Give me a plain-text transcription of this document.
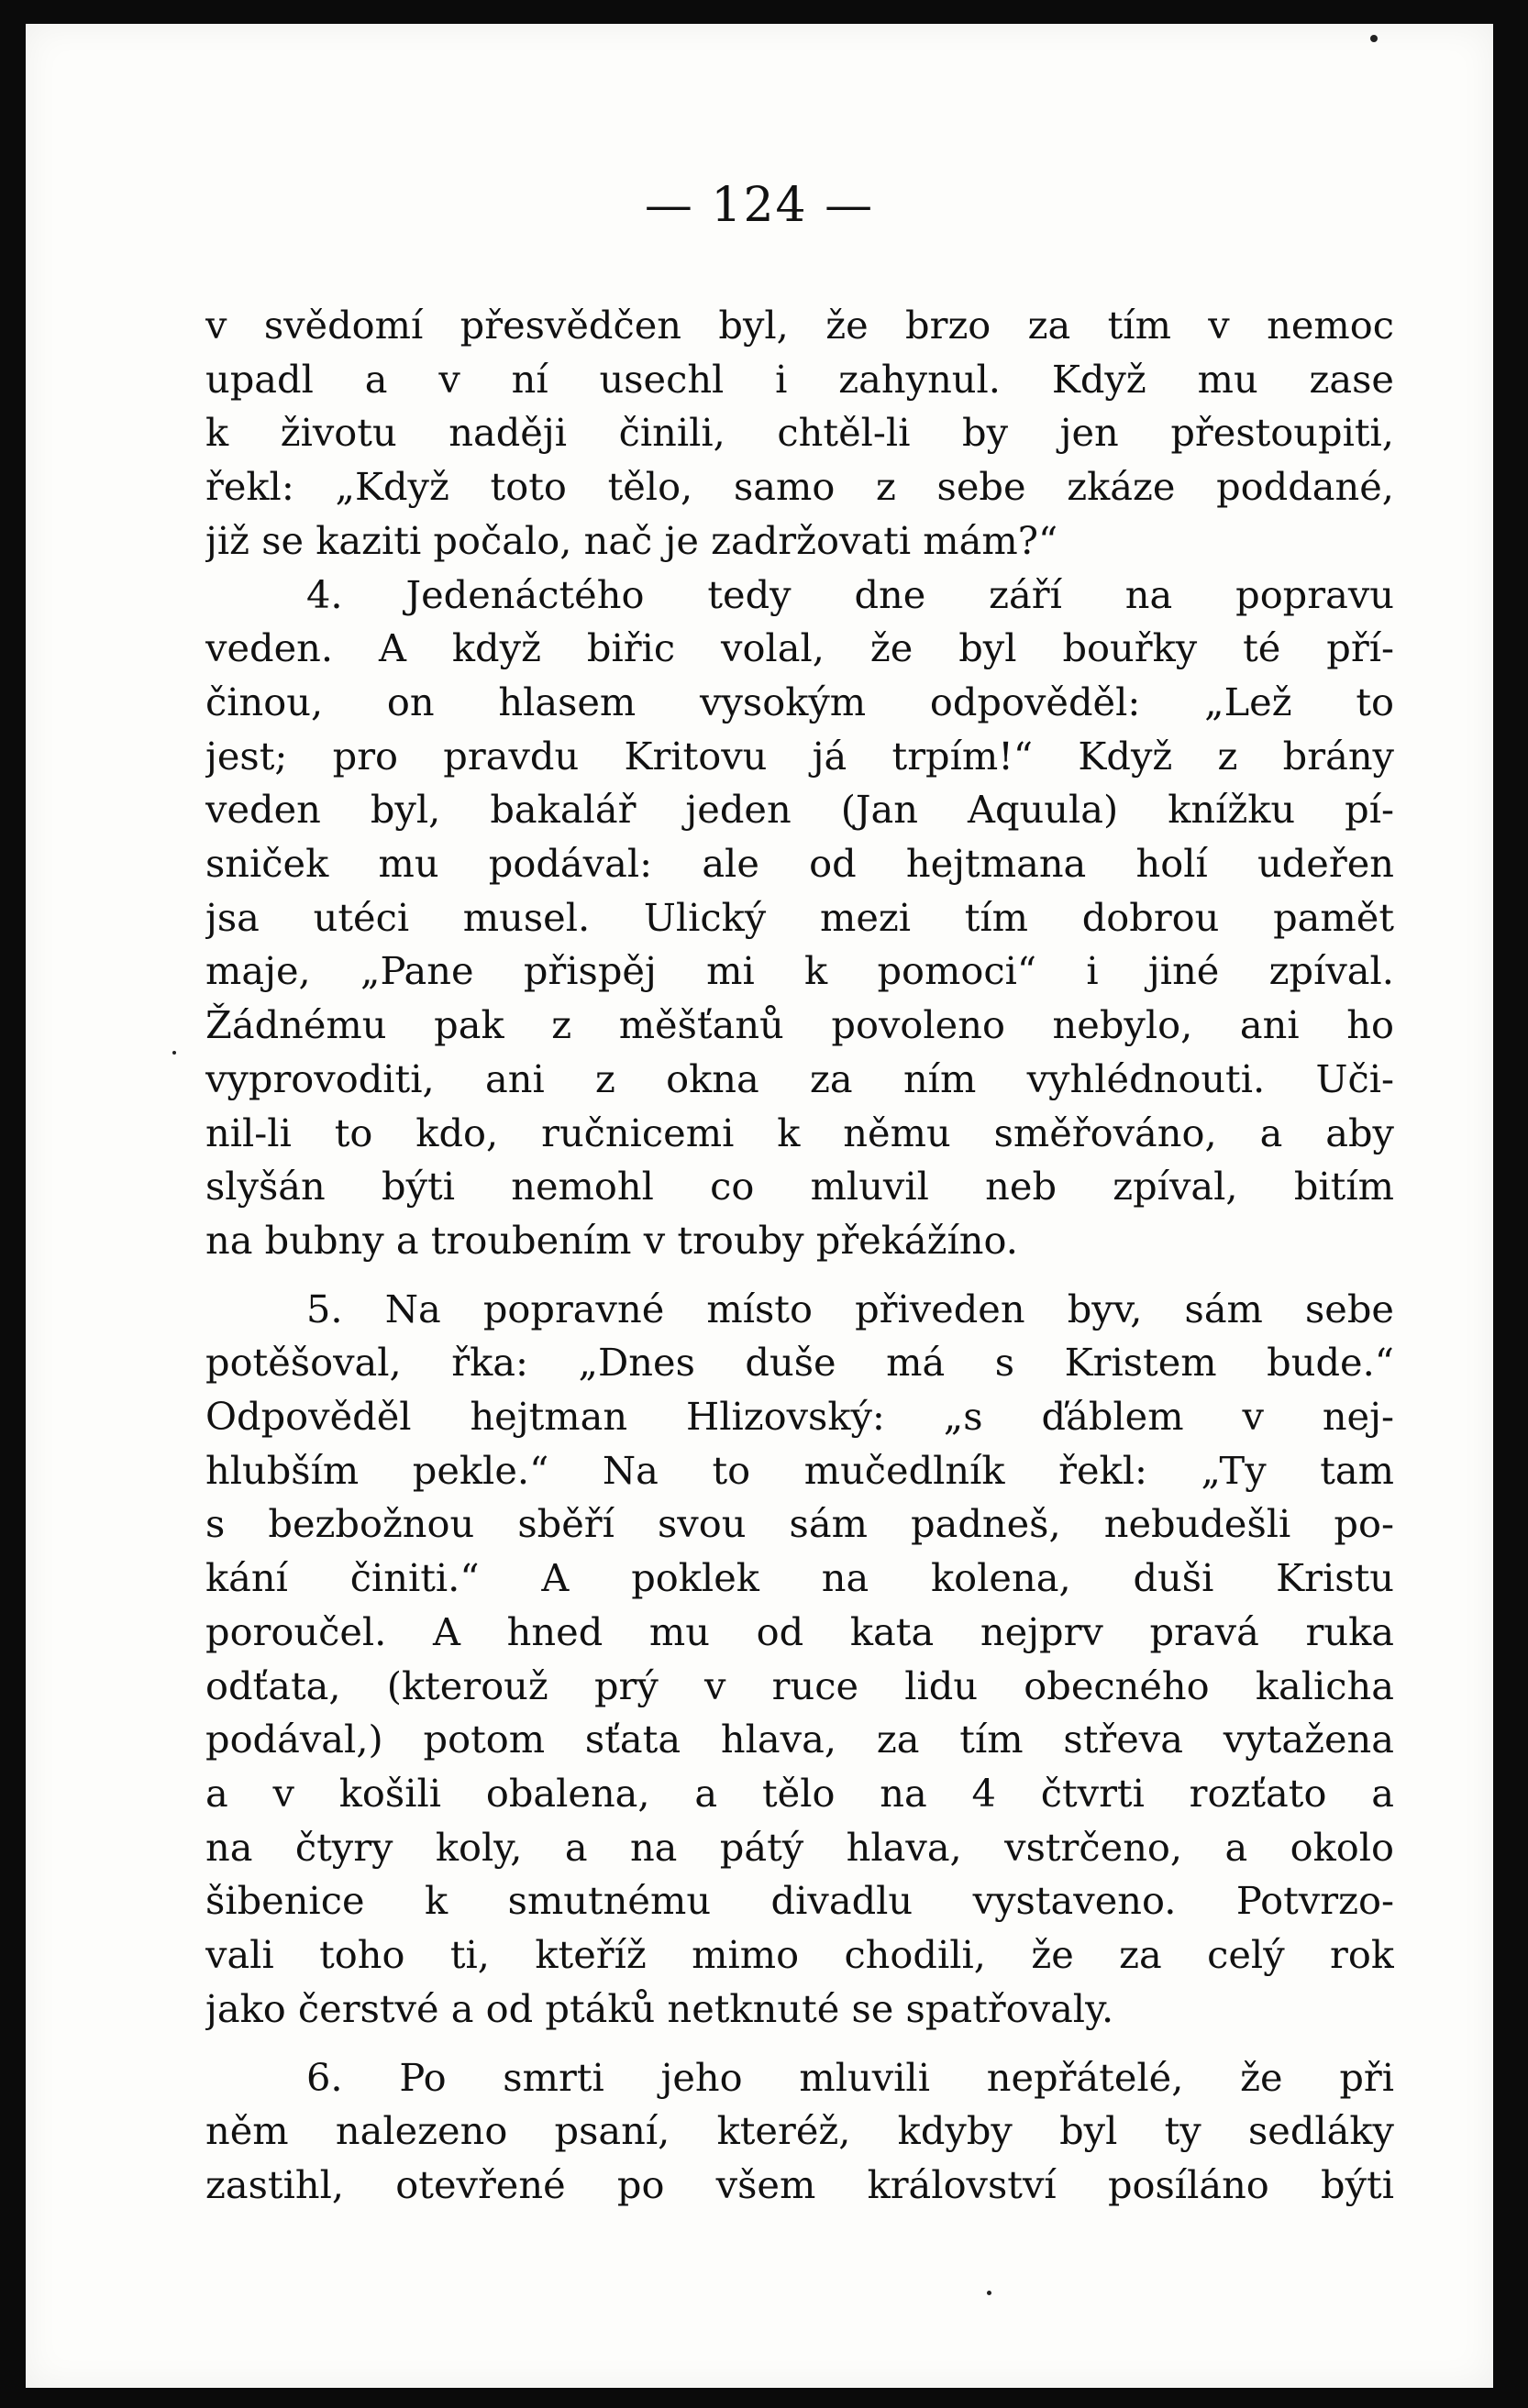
— 124 —
v svědomí přesvědčen byl, že brzo za tím v nemoc
upadl a v ní usechl i zahynul. Když mu zase
k životu naději činili, chtěl-li by jen přestoupiti,
řekl: „Když toto tělo, samo z sebe zkáze poddané,
již se kaziti počalo, nač je zadržovati mám?“
4. Jedenáctého tedy dne září na popravu
veden. A když biřic volal, že byl bouřky té pří-
činou, on hlasem vysokým odpověděl: „Lež to
jest; pro pravdu Kritovu já trpím!“ Když z brány
veden byl, bakalář jeden (Jan Aquula) knížku pí-
sniček mu podával: ale od hejtmana holí udeřen
jsa utéci musel. Ulický mezi tím dobrou pamět
maje, „Pane přispěj mi k pomoci“ i jiné zpíval.
Žádnému pak z měšťanů povoleno nebylo, ani ho
vyprovoditi, ani z okna za ním vyhlédnouti. Uči-
nil-li to kdo, ručnicemi k němu směřováno, a aby
slyšán býti nemohl co mluvil neb zpíval, bitím
na bubny a troubením v trouby překážíno.
5. Na popravné místo přiveden byv, sám sebe
potěšoval, řka: „Dnes duše má s Kristem bude.“
Odpověděl hejtman Hlizovský: „s ďáblem v nej-
hlubším pekle.“ Na to mučedlník řekl: „Ty tam
s bezbožnou sběří svou sám padneš, nebudešli po-
kání činiti.“ A poklek na kolena, duši Kristu
poroučel. A hned mu od kata nejprv pravá ruka
odťata, (kterouž prý v ruce lidu obecného kalicha
podával,) potom sťata hlava, za tím střeva vytažena
a v košili obalena, a tělo na 4 čtvrti rozťato a
na čtyry koly, a na pátý hlava, vstrčeno, a okolo
šibenice k smutnému divadlu vystaveno. Potvrzo-
vali toho ti, kteříž mimo chodili, že za celý rok
jako čerstvé a od ptáků netknuté se spatřovaly.
6. Po smrti jeho mluvili nepřátelé, že při
něm nalezeno psaní, kteréž, kdyby byl ty sedláky
zastihl, otevřené po všem království posíláno býti
